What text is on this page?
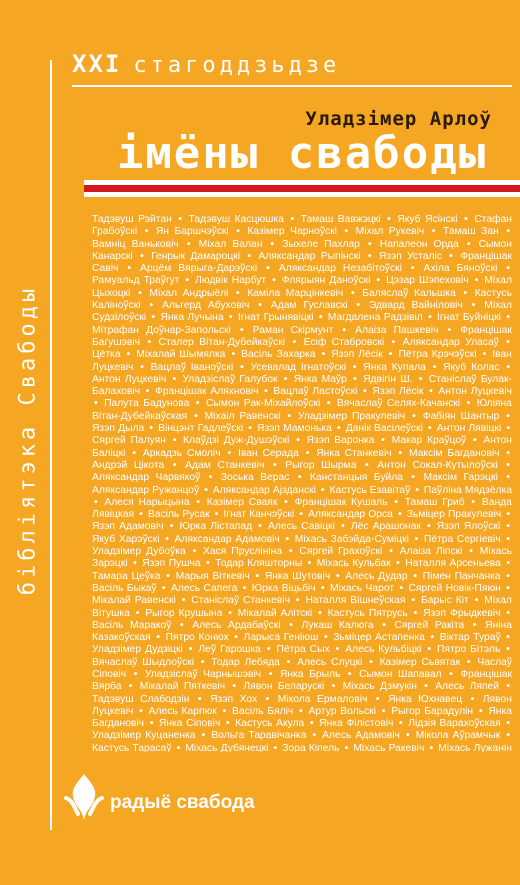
бібліятэка Свабоды
XXI стагоддзьдзе
Уладзімер Арлоў
імёны свабоды
Тадэвуш Рэйтан • Тадэвуш Касцюшка • Тамаш Вавжэцкі • Якуб Ясінскі • Стафан Грабоўскі • Ян Баршчэўскі • Казімер Чарноўскі • Міхал Рукевіч • Тамаш Зан • Вамніц Ваньковіч • Міхал Валан • Зыхеле Пахлар • Напалеон Орда • Сымон Канарскі • Генрык Дамароцкі • Аляксандар Рыпінскі • Язэп Усталіс • Францішак Савіч • Арцём Вярыга-Дарэўскі • Аляксандар Незабітоўскі • Ахіла Бяноўскі • Рамуальд Траўгут • Людвік Нарбут • Флярыян Даноўскі • Цэзар Шэпеховіч • Міхал Цыхоцкі • Міхал Андрыёлі • Камілa Марцінкевіч • Баляслаў Кальшка • Кастусь Каліноўскі • Альгерд Абуховіч • Адам Гуславскі • Эдвард Вайніловіч • Міхал Судзілоўскі • Янка Лучына • Ігнат Грынявіцкі • Магдалена Радзівіл • Ігнат Буйніцкі • Мітрафан Доўнар-Запольскі • Раман Скірмунт • Алаіза Пашкевіч • Францішак Багушэвіч • Сталер Вітан-Дубейкаўскі • Есіф Стабровскі • Аляксандар Уласаў • Цётка • Міхалай Шымялка • Васіль Захарка • Язэп Лёсік • Пётра Крэчэўскі • Іван Луцкевіч • Вацлаў Іваноўскі • Усевалад Ігнатоўскі • Янка Купала • Якуб Колас • Антон Луцкевіч • Уладзіслаў Галубок • Янка Маўр • Ядвігін Ш. • Станіслаў Булак-Балаховіч • Францішак Аляхновіч • Вацлаў Ластоўскі • Язэп Лёсік • Антон Луцкевіч • Палута Бадунова • Сымон Рак-Міхайлоўскі • Вячаслаў Селях-Качанскі • Юліяна Вітан-Дубейкаўская • Міхаіл Равенскі • Уладзімер Пракулевіч • Фабіян Шантыр • Язэп Дыла • Вінцэнт Гадлеўскі • Язэп Мамонька • Данік Васілеўскі • Антон Лявіцкі • Сяргей Палуян • Клаўдзі Дуж-Душэўскі • Язэп Варонка • Макар Краўцоў • Антон Баліцкі • Аркадзь Смоліч • Іван Серада • Янка Станкевіч • Максім Багдановіч • Андрэй Цікота • Адам Станкевіч • Рыгор Шырма • Антон Сокал-Кутылоўскі • Аляксандар Чарвякоў • Зоська Верас • Канстанцыя Буйла • Максім Гарэцкі • Аляксандар Ружанцоў • Аляксандар Ajзданскі • Кастусь Езавітаў • Паўліна Мядзёлка • Алеся Нарыцына • Казімер Сваяк • Францішак Кушаль • Тамаш Гриб • Ванда Лявіцкая • Васіль Русак • Ігнат Канчэўскі • Аляксандар Орса • Зьміцер Пракулевіч • Язэп Адамовіч • Юрка Лістапад • Алесь Савіцкі • Лёс Арашонак • Язэп Ялоўскі • Якуб Харэўскі • Аляксандар Адамовіч • Міхась Забэйда-Суміцкі • Пётра Сергіевіч • Уладзімер Дубоўка • Хася Пруслініна • Сяргей Грахоўскі • Алаіза Ліпскі • Міхась Зарэцкі • Язэп Пушча • Тодар Кляшторны • Міхась Кульбак • Наталля Арсеньева • Тамара Цеўка • Марыя Віткевіч • Янка Шутовіч • Алесь Дудар • Пімен Панчанка • Васіль Быкаў • Алесь Сапега • Юрка Віцьбіч • Міхась Чарот • Сяргей Новік-Пяюн • Мікалай Равенскі • Станіслаў Станкевіч • Наталля Вішнеўская • Барыс Кіт • Міхал Вітушка • Рыгор Крушына • Мікалай Алітскі • Кастусь Пятрусь • Язэп Фрыдкевіч • Васіль Маракоў • Алесь Ардабаўскі • Лукаш Калюга • Сяргей Ракіта • Яніна Казакоўская • Пятро Конюх • Ларыса Геніюш • Зьміцер Астапенка • Віктар Тураў • Уладзімер Дудзіцкі • Леў Гарошка • Пётра Сых • Алесь Кульбіцкі • Пятро Бітэль • Вячаслаў Шыдлоўскі • Тодар Лебяда • Алесь Слуцкі • Казімер Сьвятак • Часлаў Сіповіч • Уладзіслаў Чарнышэвіч • Янка Брыль • Сымон Шапавал • Францішак Вярба • Мікалай Пяткевіч • Лявон Беларускі • Міхась Дзмукін • Алесь Ляпей • Тадэвуш Слабодзін • Язэп Хох • Мікола Ермаловіч • Янка Юхнавец • Лявон Луцкевіч • Алесь Карпюк • Васіль Бяліч • Артур Вольскі • Рыгор Барадулін • Янка Багдановіч • Янка Сіповіч • Кастусь Акула • Янка Філістовіч • Лідзія Варахоўская • Уладзімер Куцаненка • Вольга Таравічанка • Алесь Адамовіч • Мікола Аўрамчык • Кастусь Тарасаў • Міхась Дубянецкі • Зора Кіпель • Міхась Ракевіч • Міхась Лужанін
радыё свабода
